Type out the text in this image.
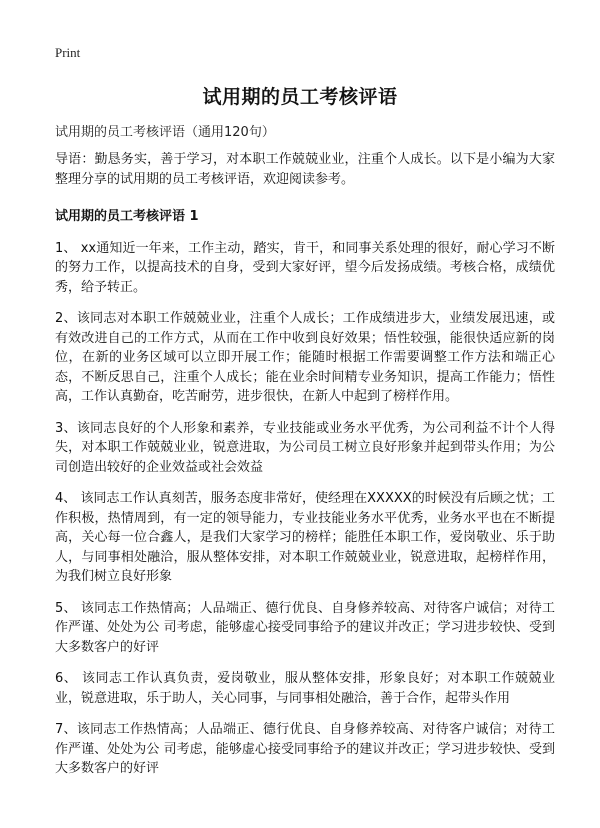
Print
试用期的员工考核评语
试用期的员工考核评语（通用120句）

导语：勤恳务实，善于学习，对本职工作兢兢业业，注重个人成长。以下是小编为大家整理分享的试用期的员工考核评语，欢迎阅读参考。

试用期的员工考核评语 1

1、 xx通知近一年来，工作主动，踏实，肯干，和同事关系处理的很好，耐心学习不断的努力工作，以提高技术的自身，受到大家好评，望今后发扬成绩。考核合格，成绩优秀，给予转正。

2、该同志对本职工作兢兢业业，注重个人成长；工作成绩进步大，业绩发展迅速，或有效改进自己的工作方式，从而在工作中收到良好效果；悟性较强，能很快适应新的岗位，在新的业务区域可以立即开展工作；能随时根据工作需要调整工作方法和端正心态，不断反思自己，注重个人成长；能在业余时间精专业务知识，提高工作能力；悟性高，工作认真勤奋，吃苦耐劳，进步很快，在新人中起到了榜样作用。

3、该同志良好的个人形象和素养，专业技能或业务水平优秀，为公司利益不计个人得失，对本职工作兢兢业业，锐意进取，为公司员工树立良好形象并起到带头作用；为公司创造出较好的企业效益或社会效益

4、 该同志工作认真刻苦，服务态度非常好，使经理在XXXXX的时候没有后顾之忧；工作积极，热情周到，有一定的领导能力，专业技能业务水平优秀，业务水平也在不断提高，关心每一位合鑫人，是我们大家学习的榜样；能胜任本职工作，爱岗敬业、乐于助人，与同事相处融洽，服从整体安排，对本职工作兢兢业业，锐意进取，起榜样作用，为我们树立良好形象

5、 该同志工作热情高；人品端正、德行优良、自身修养较高、对待客户诚信；对待工作严谨、处处为公 司考虑，能够虚心接受同事给予的建议并改正；学习进步较快、受到大多数客户的好评

6、 该同志工作认真负责，爱岗敬业，服从整体安排，形象良好；对本职工作兢兢业业，锐意进取，乐于助人，关心同事，与同事相处融洽，善于合作，起带头作用

7、该同志工作热情高；人品端正、德行优良、自身修养较高、对待客户诚信；对待工作严谨、处处为公 司考虑，能够虚心接受同事给予的建议并改正；学习进步较快、受到大多数客户的好评
